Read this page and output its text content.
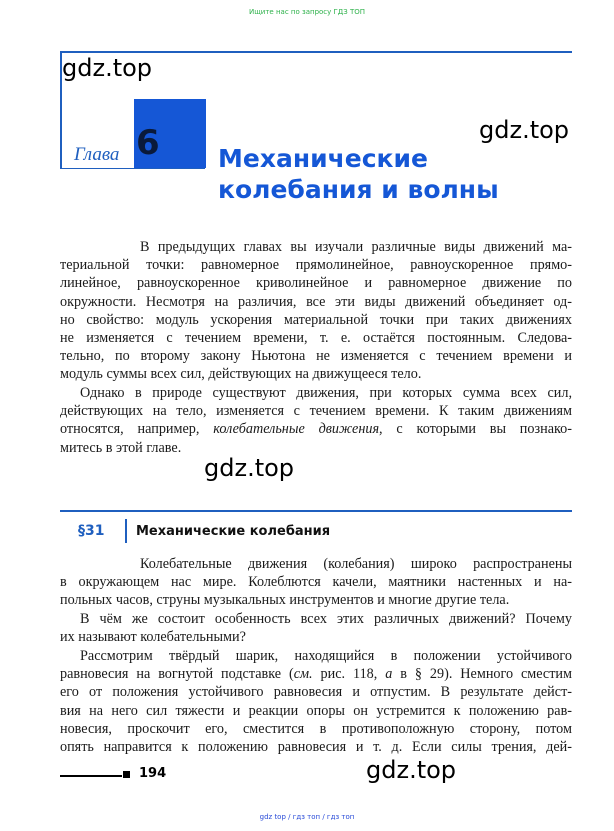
Ищите нас по запросу ГДЗ ТОП
gdz.top
gdz.top
Глава 6 Механические
колебания и волны
В предыдущих главах вы изучали различные виды движений ма-
териальной точки: равномерное прямолинейное, равноускоренное прямо-
линейное, равноускоренное криволинейное и равномерное движение по
окружности. Несмотря на различия, все эти виды движений объединяет од-
но свойство: модуль ускорения материальной точки при таких движениях
не изменяется с течением времени, т. е. остаётся постоянным. Следова-
тельно, по второму закону Ньютона не изменяется с течением времени и
модуль суммы всех сил, действующих на движущееся тело.
Однако в природе существуют движения, при которых сумма всех сил,
действующих на тело, изменяется с течением времени. К таким движениям
относятся, например, колебательные движения, с которыми вы познако-
митесь в этой главе.
gdz.top
§31 Механические колебания
Колебательные движения (колебания) широко распространены
в окружающем нас мире. Колеблются качели, маятники настенных и на-
польных часов, струны музыкальных инструментов и многие другие тела.
В чём же состоит особенность всех этих различных движений? Почему
их называют колебательными?
Рассмотрим твёрдый шарик, находящийся в положении устойчивого
равновесия на вогнутой подставке (см. рис. 118, а в § 29). Немного сместим
его от положения устойчивого равновесия и отпустим. В результате дейст-
вия на него сил тяжести и реакции опоры он устремится к положению рав-
новесия, проскочит его, сместится в противоположную сторону, потом
опять направится к положению равновесия и т. д. Если силы трения, дей-
gdz.top
194
gdz top / гдз топ / гдз топ
